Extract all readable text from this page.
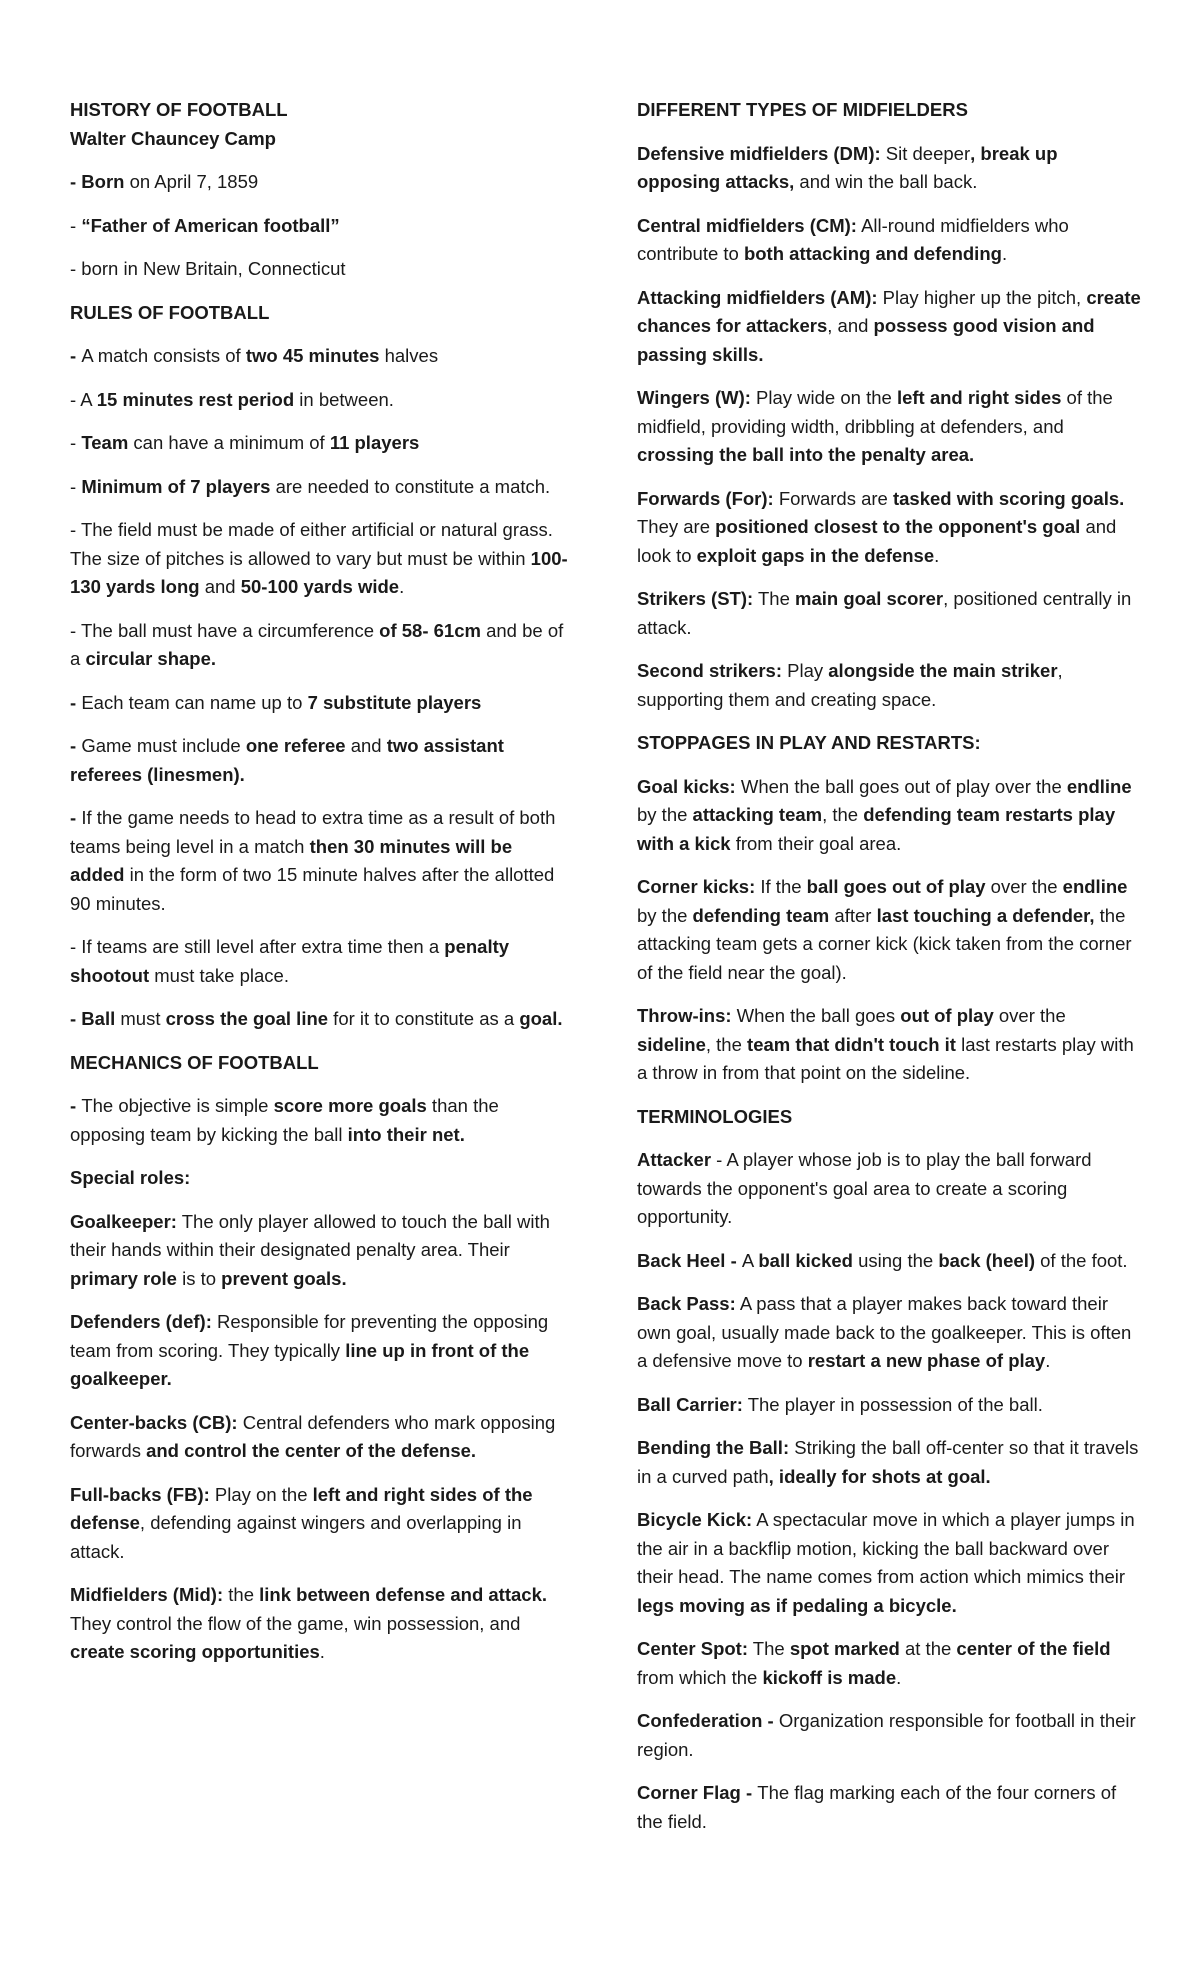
HISTORY OF FOOTBALL

Walter Chauncey Camp

- Born on April 7, 1859

- “Father of American football”

- born in New Britain, Connecticut

RULES OF FOOTBALL

- A match consists of two 45 minutes halves

- A 15 minutes rest period in between.

- Team can have a minimum of 11 players

- Minimum of 7 players are needed to constitute a match.

- The field must be made of either artificial or natural grass. The size of pitches is allowed to vary but must be within 100-130 yards long and 50-100 yards wide.

- The ball must have a circumference of 58- 61cm and be of a circular shape.

- Each team can name up to 7 substitute players

- Game must include one referee and two assistant referees (linesmen).

- If the game needs to head to extra time as a result of both teams being level in a match then 30 minutes will be added in the form of two 15 minute halves after the allotted 90 minutes.

- If teams are still level after extra time then a penalty shootout must take place.

- Ball must cross the goal line for it to constitute as a goal.

MECHANICS OF FOOTBALL

- The objective is simple score more goals than the opposing team by kicking the ball into their net.

Special roles:

Goalkeeper: The only player allowed to touch the ball with their hands within their designated penalty area. Their primary role is to prevent goals.

Defenders (def): Responsible for preventing the opposing team from scoring. They typically line up in front of the goalkeeper.

Center-backs (CB): Central defenders who mark opposing forwards and control the center of the defense.

Full-backs (FB): Play on the left and right sides of the defense, defending against wingers and overlapping in attack.

Midfielders (Mid): the link between defense and attack. They control the flow of the game, win possession, and create scoring opportunities.

DIFFERENT TYPES OF MIDFIELDERS

Defensive midfielders (DM): Sit deeper, break up opposing attacks, and win the ball back.

Central midfielders (CM): All-round midfielders who contribute to both attacking and defending.

Attacking midfielders (AM): Play higher up the pitch, create chances for attackers, and possess good vision and passing skills.

Wingers (W): Play wide on the left and right sides of the midfield, providing width, dribbling at defenders, and crossing the ball into the penalty area.

Forwards (For): Forwards are tasked with scoring goals. They are positioned closest to the opponent's goal and look to exploit gaps in the defense.

Strikers (ST): The main goal scorer, positioned centrally in attack.

Second strikers: Play alongside the main striker, supporting them and creating space.

STOPPAGES IN PLAY AND RESTARTS:

Goal kicks: When the ball goes out of play over the endline by the attacking team, the defending team restarts play with a kick from their goal area.

Corner kicks: If the ball goes out of play over the endline by the defending team after last touching a defender, the attacking team gets a corner kick (kick taken from the corner of the field near the goal).

Throw-ins: When the ball goes out of play over the sideline, the team that didn't touch it last restarts play with a throw in from that point on the sideline.

TERMINOLOGIES

Attacker - A player whose job is to play the ball forward towards the opponent's goal area to create a scoring opportunity.

Back Heel - A ball kicked using the back (heel) of the foot.

Back Pass: A pass that a player makes back toward their own goal, usually made back to the goalkeeper. This is often a defensive move to restart a new phase of play.

Ball Carrier: The player in possession of the ball.

Bending the Ball: Striking the ball off-center so that it travels in a curved path, ideally for shots at goal.

Bicycle Kick: A spectacular move in which a player jumps in the air in a backflip motion, kicking the ball backward over their head. The name comes from action which mimics their legs moving as if pedaling a bicycle.

Center Spot: The spot marked at the center of the field from which the kickoff is made.

Confederation - Organization responsible for football in their region.

Corner Flag - The flag marking each of the four corners of the field.
